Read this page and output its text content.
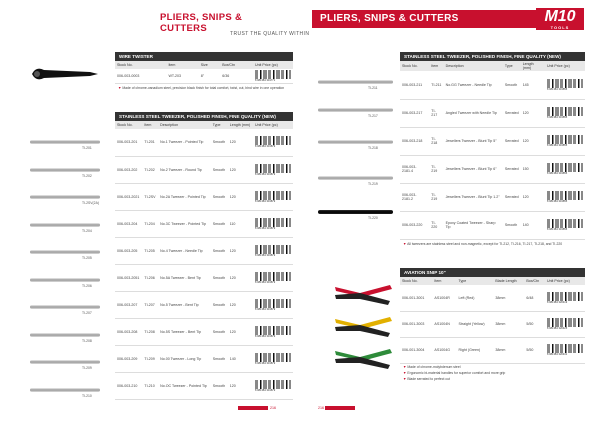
PLIERS, SNIPS & CUTTERS
WIRE TWISTER
Stock No.	Item	Size	Box/Ctn	Unit Price (pc)
006-003-0003	WT-203	8"	6/36	8 981384 319771
▼ Made of chrome-vanadium steel, precision black finish for total comfort, twist, cut, bind wire in one operation
STAINLESS STEEL TWEEZER, POLISHED FINISH, FINE QUALITY (NEW)
Stock No.	Item	Description	Type	Length (mm)	Unit Price (pc)
006-003-201	TI-201	No.1 Tweezer - Pointed Tip	Smooth	120	8 981384 319879

006-003-202	TI-202	No.2 Tweezer - Round Tip	Smooth	120	8 981384 319879

006-003-2021	TI-2SV	No.2A Tweezer - Pointed Tip	Smooth	120	8 981384 319879

006-003-204	TI-204	No.3C Tweezer - Pointed Tip	Smooth	110	8 981384 319879

006-003-205	TI-205	No.4 Tweezer - Needle Tip	Smooth	120	8 981384 319879

006-003-2051	TI-206	No.5A Tweezer - Bent Tip	Smooth	120	8 981384 319879

006-003-207	TI-207	No.5 Tweezer - Bent Tip	Smooth	120	8 981384 319879

006-003-208	TI-208	No.5S Tweezer - Bent Tip	Smooth	120	8 981384 319879

006-003-209	TI-209	No.00 Tweezer - Long Tip	Smooth	140	8 981384 319879

006-003-210	TI-210	No.OC Tweezer - Pointed Tip	Smooth	120	8 981384 319879
TI-201
TI-202
TI-2SV(2A)
TI-204
TI-205
TI-206
TI-207
TI-208
TI-209
TI-210
216
PLIERS, SNIPS & CUTTERS	M10
TOOLS
TRUST THE QUALITY WITHIN
STAINLESS STEEL TWEEZER, POLISHED FINISH, FINE QUALITY (NEW)
Stock No.	Item	Description	Type	Length (mm)	Unit Price (pc)
006-003-211	TI-211	No.GG Tweezer - Needle Tip	Smooth	145	8 981384 319855

006-003-217	TI-217	Angled Tweezer with Needle Tip	Serrated	120	8 981384 319855

006-003-218	TI-218	Jewellers Tweezer - Blunt Tip 5"	Serrated	120	8 981384 319855

006-003-2181.4	TI-219	Jewellers Tweezer - Blunt Tip 6"	Serrated	150	8 981384 319855

006-003-2181.2	TI-219	Jewellers Tweezer - Blunt Tip 1.2"	Serrated	120	8 981384 319855

006-003-220	TI-220	Epoxy Coated Tweezer - Sharp Tip	Smooth	140	8 981384 319855
▼ All tweezers are stainless steel and non-magnetic, except for TI-212, TI-216, TI-217, TI-218, and TI-220
TI-211
TI-217
TI-218
TI-219
TI-220
AVIATION SNIP 10"
Stock No.	Item	Type	Blade Length	Box/Ctn	Unit Price (pc)
006-001-3001	AS1004R	Left (Red)	38mm	6/48	8 981384 320419

006-001-3003	AS1004N	Straight (Yellow)	38mm	5/50	8 981384 320425

006-001-3004	AS1004G	Right (Green)	38mm	5/50	8 981384 320431
▼ Made of chrome-molybdenum steel
▼ Ergonomic bi-material handles for superior comfort and more grip
▼ Blade serrated to perfect cut
216
